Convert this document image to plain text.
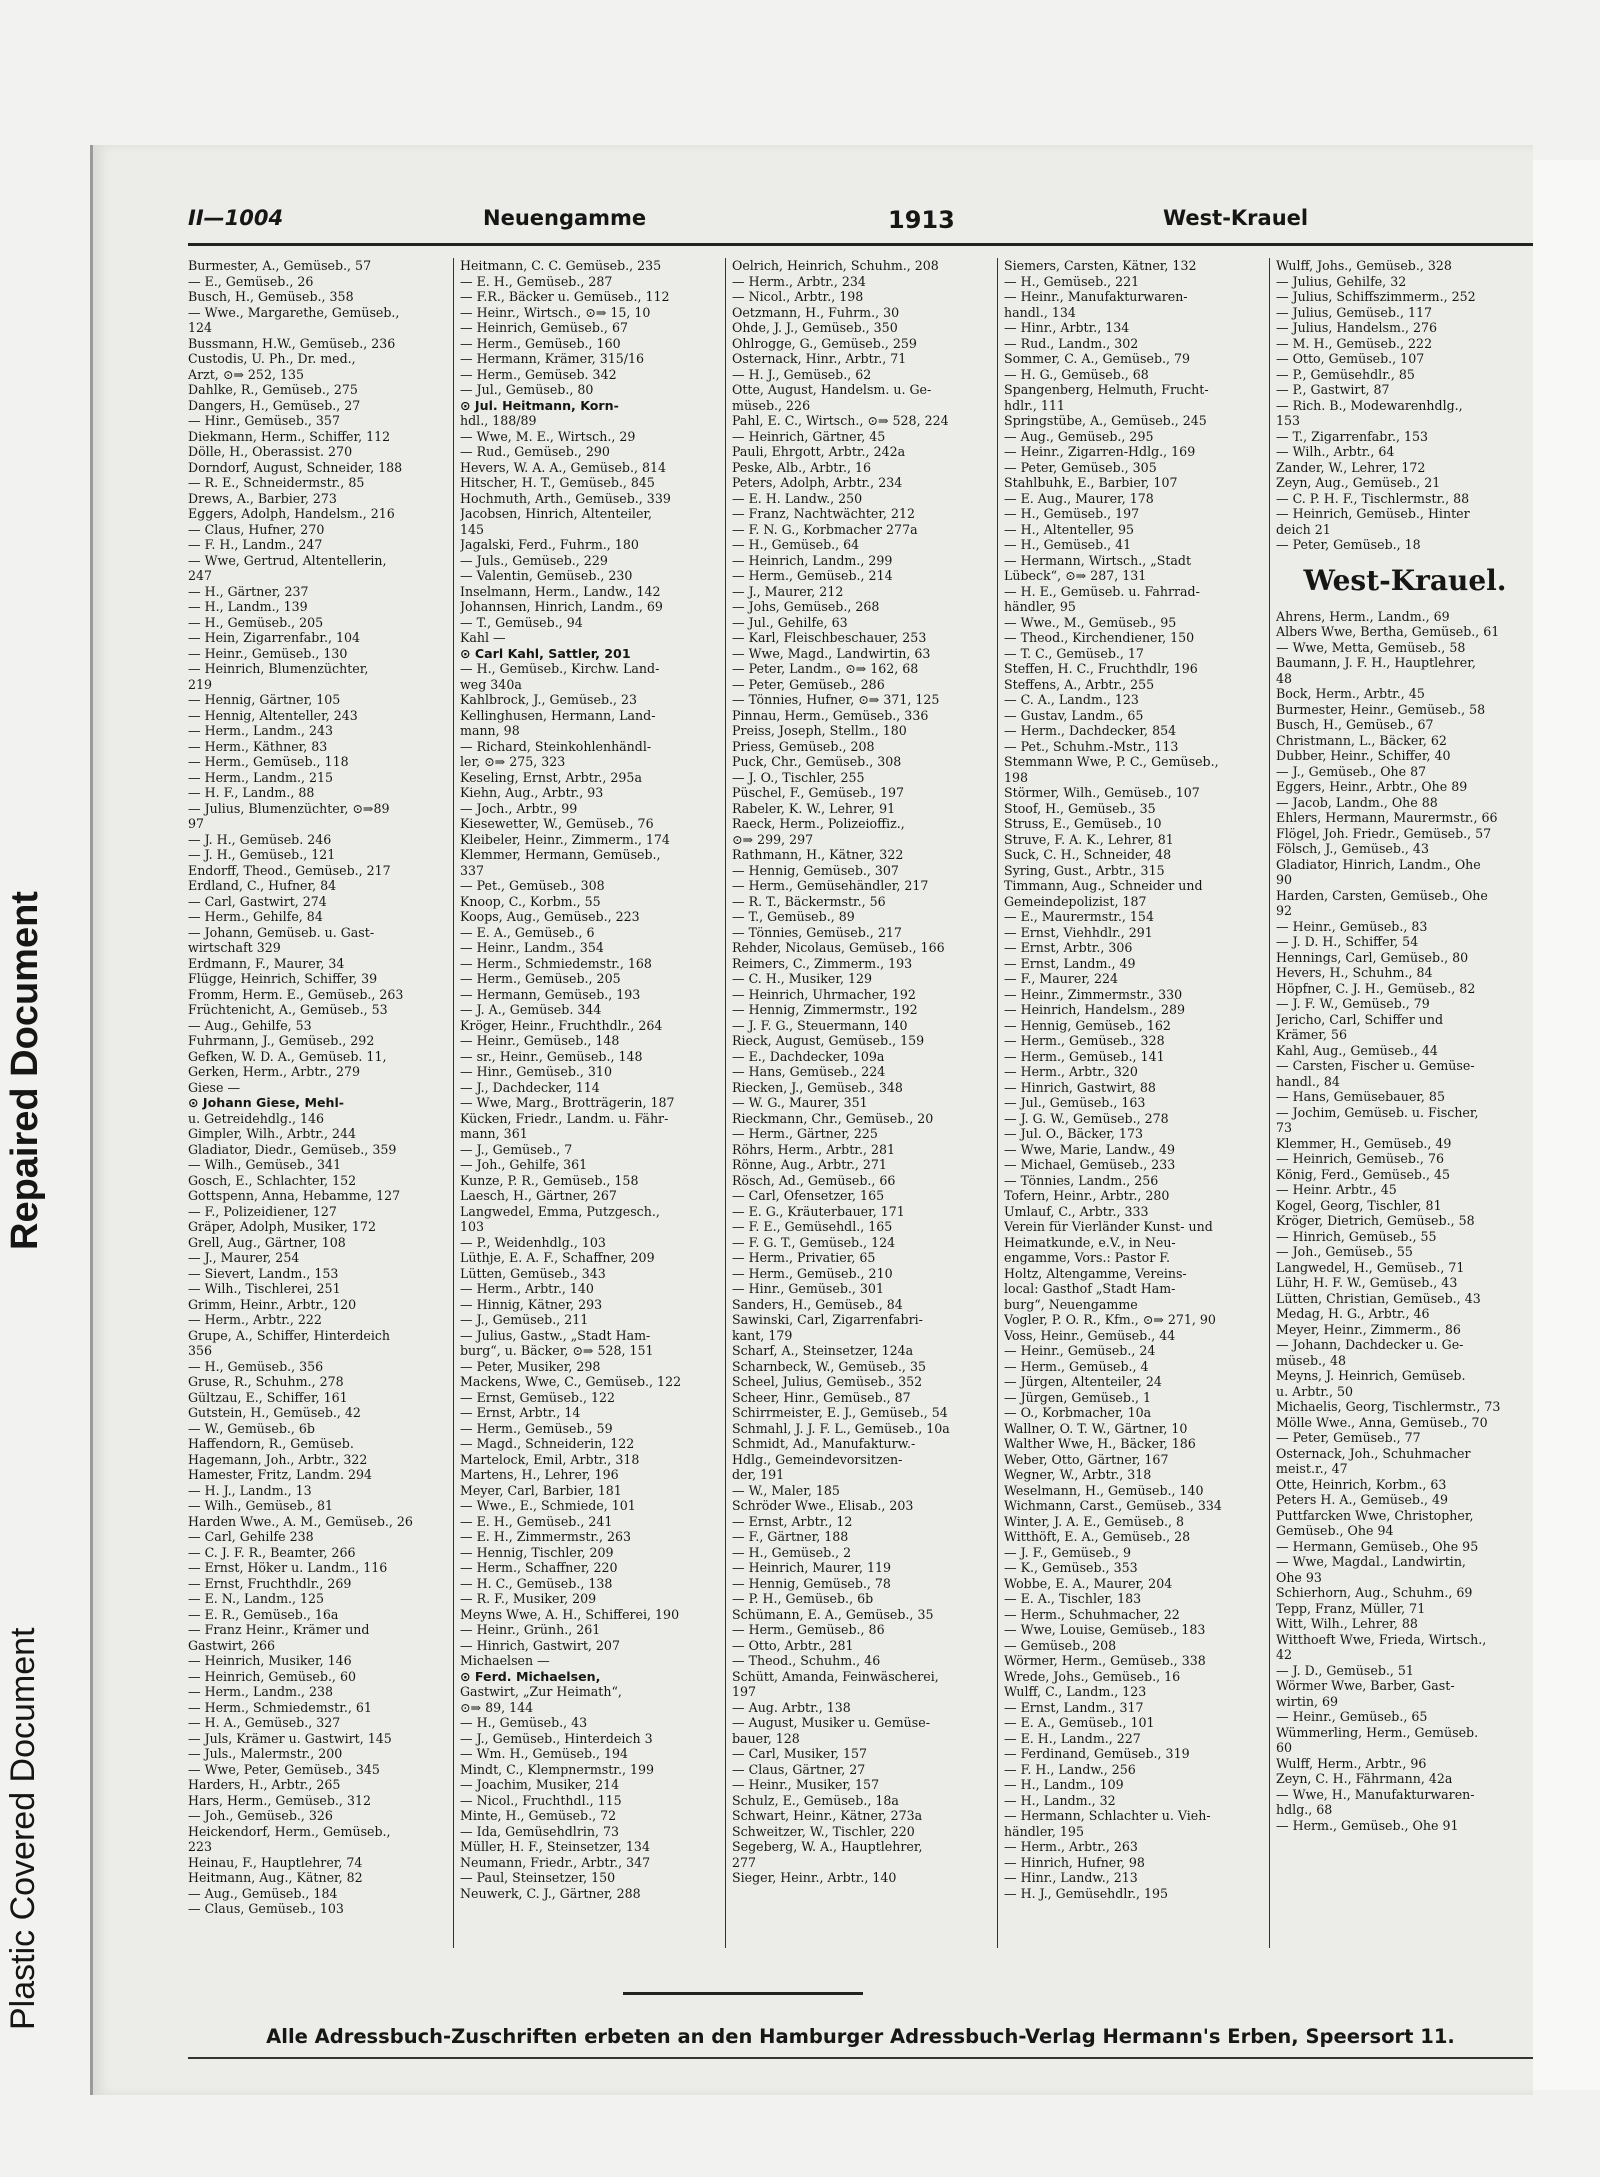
Repaired Document
Plastic Covered Document
II—1004	Neuengamme	1913	West-Krauel
Burmester, A., Gemüseb., 57
— E., Gemüseb., 26
Busch, H., Gemüseb., 358
— Wwe., Margarethe, Gemüseb.,
124
Bussmann, H.W., Gemüseb., 236
Custodis, U. Ph., Dr. med.,
Arzt, ⊙⇒ 252, 135
Dahlke, R., Gemüseb., 275
Dangers, H., Gemüseb., 27
— Hinr., Gemüseb., 357
Diekmann, Herm., Schiffer, 112
Dölle, H., Oberassist. 270
Dorndorf, August, Schneider, 188
— R. E., Schneidermstr., 85
Drews, A., Barbier, 273
Eggers, Adolph, Handelsm., 216
— Claus, Hufner, 270
— F. H., Landm., 247
— Wwe, Gertrud, Altentellerin,
247
— H., Gärtner, 237
— H., Landm., 139
— H., Gemüseb., 205
— Hein, Zigarrenfabr., 104
— Heinr., Gemüseb., 130
— Heinrich, Blumenzüchter,
219
— Hennig, Gärtner, 105
— Hennig, Altenteller, 243
— Herm., Landm., 243
— Herm., Käthner, 83
— Herm., Gemüseb., 118
— Herm., Landm., 215
— H. F., Landm., 88
— Julius, Blumenzüchter, ⊙⇒89
97
— J. H., Gemüseb. 246
— J. H., Gemüseb., 121
Endorff, Theod., Gemüseb., 217
Erdland, C., Hufner, 84
— Carl, Gastwirt, 274
— Herm., Gehilfe, 84
— Johann, Gemüseb. u. Gast-
wirtschaft 329
Erdmann, F., Maurer, 34
Flügge, Heinrich, Schiffer, 39
Fromm, Herm. E., Gemüseb., 263
Früchtenicht, A., Gemüseb., 53
— Aug., Gehilfe, 53
Fuhrmann, J., Gemüseb., 292
Gefken, W. D. A., Gemüseb. 11,
Gerken, Herm., Arbtr., 279
Giese —
⊙ Johann Giese, Mehl-
u. Getreidehdlg., 146
Gimpler, Wilh., Arbtr., 244
Gladiator, Diedr., Gemüseb., 359
— Wilh., Gemüseb., 341
Gosch, E., Schlachter, 152
Gottspenn, Anna, Hebamme, 127
— F., Polizeidiener, 127
Gräper, Adolph, Musiker, 172
Grell, Aug., Gärtner, 108
— J., Maurer, 254
— Sievert, Landm., 153
— Wilh., Tischlerei, 251
Grimm, Heinr., Arbtr., 120
— Herm., Arbtr., 222
Grupe, A., Schiffer, Hinterdeich
356
— H., Gemüseb., 356
Gruse, R., Schuhm., 278
Gültzau, E., Schiffer, 161
Gutstein, H., Gemüseb., 42
— W., Gemüseb., 6b
Haffendorn, R., Gemüseb.
Hagemann, Joh., Arbtr., 322
Hamester, Fritz, Landm. 294
— H. J., Landm., 13
— Wilh., Gemüseb., 81
Harden Wwe., A. M., Gemüseb., 26
— Carl, Gehilfe 238
— C. J. F. R., Beamter, 266
— Ernst, Höker u. Landm., 116
— Ernst, Fruchthdlr., 269
— E. N., Landm., 125
— E. R., Gemüseb., 16a
— Franz Heinr., Krämer und
Gastwirt, 266
— Heinrich, Musiker, 146
— Heinrich, Gemüseb., 60
— Herm., Landm., 238
— Herm., Schmiedemstr., 61
— H. A., Gemüseb., 327
— Juls, Krämer u. Gastwirt, 145
— Juls., Malermstr., 200
— Wwe, Peter, Gemüseb., 345
Harders, H., Arbtr., 265
Hars, Herm., Gemüseb., 312
— Joh., Gemüseb., 326
Heickendorf, Herm., Gemüseb.,
223
Heinau, F., Hauptlehrer, 74
Heitmann, Aug., Kätner, 82
— Aug., Gemüseb., 184
— Claus, Gemüseb., 103
Heitmann, C. C. Gemüseb., 235
— E. H., Gemüseb., 287
— F.R., Bäcker u. Gemüseb., 112
— Heinr., Wirtsch., ⊙⇒ 15, 10
— Heinrich, Gemüseb., 67
— Herm., Gemüseb., 160
— Hermann, Krämer, 315/16
— Herm., Gemüseb. 342
— Jul., Gemüseb., 80
⊙ Jul. Heitmann, Korn-
hdl., 188/89
— Wwe, M. E., Wirtsch., 29
— Rud., Gemüseb., 290
Hevers, W. A. A., Gemüseb., 814
Hitscher, H. T., Gemüseb., 845
Hochmuth, Arth., Gemüseb., 339
Jacobsen, Hinrich, Altenteiler,
145
Jagalski, Ferd., Fuhrm., 180
— Juls., Gemüseb., 229
— Valentin, Gemüseb., 230
Inselmann, Herm., Landw., 142
Johannsen, Hinrich, Landm., 69
— T., Gemüseb., 94
Kahl —
⊙ Carl Kahl, Sattler, 201
— H., Gemüseb., Kirchw. Land-
weg 340a
Kahlbrock, J., Gemüseb., 23
Kellinghusen, Hermann, Land-
mann, 98
— Richard, Steinkohlenhändl-
ler, ⊙⇒ 275, 323
Keseling, Ernst, Arbtr., 295a
Kiehn, Aug., Arbtr., 93
— Joch., Arbtr., 99
Kiesewetter, W., Gemüseb., 76
Kleibeler, Heinr., Zimmerm., 174
Klemmer, Hermann, Gemüseb.,
337
— Pet., Gemüseb., 308
Knoop, C., Korbm., 55
Koops, Aug., Gemüseb., 223
— E. A., Gemüseb., 6
— Heinr., Landm., 354
— Herm., Schmiedemstr., 168
— Herm., Gemüseb., 205
— Hermann, Gemüseb., 193
— J. A., Gemüseb. 344
Kröger, Heinr., Fruchthdlr., 264
— Heinr., Gemüseb., 148
— sr., Heinr., Gemüseb., 148
— Hinr., Gemüseb., 310
— J., Dachdecker, 114
— Wwe, Marg., Brotträgerin, 187
Kücken, Friedr., Landm. u. Fähr-
mann, 361
— J., Gemüseb., 7
— Joh., Gehilfe, 361
Kunze, P. R., Gemüseb., 158
Laesch, H., Gärtner, 267
Langwedel, Emma, Putzgesch.,
103
— P., Weidenhdlg., 103
Lüthje, E. A. F., Schaffner, 209
Lütten, Gemüseb., 343
— Herm., Arbtr., 140
— Hinnig, Kätner, 293
— J., Gemüseb., 211
— Julius, Gastw., „Stadt Ham-
burg“, u. Bäcker, ⊙⇒ 528, 151
— Peter, Musiker, 298
Mackens, Wwe, C., Gemüseb., 122
— Ernst, Gemüseb., 122
— Ernst, Arbtr., 14
— Herm., Gemüseb., 59
— Magd., Schneiderin, 122
Martelock, Emil, Arbtr., 318
Martens, H., Lehrer, 196
Meyer, Carl, Barbier, 181
— Wwe., E., Schmiede, 101
— E. H., Gemüseb., 241
— E. H., Zimmermstr., 263
— Hennig, Tischler, 209
— Herm., Schaffner, 220
— H. C., Gemüseb., 138
— R. F., Musiker, 209
Meyns Wwe, A. H., Schifferei, 190
— Heinr., Grünh., 261
— Hinrich, Gastwirt, 207
Michaelsen —
⊙ Ferd. Michaelsen,
Gastwirt, „Zur Heimath“,
⊙⇒ 89, 144
— H., Gemüseb., 43
— J., Gemüseb., Hinterdeich 3
— Wm. H., Gemüseb., 194
Mindt, C., Klempnermstr., 199
— Joachim, Musiker, 214
— Nicol., Fruchthdl., 115
Minte, H., Gemüseb., 72
— Ida, Gemüsehdlrin, 73
Müller, H. F., Steinsetzer, 134
Neumann, Friedr., Arbtr., 347
— Paul, Steinsetzer, 150
Neuwerk, C. J., Gärtner, 288
Oelrich, Heinrich, Schuhm., 208
— Herm., Arbtr., 234
— Nicol., Arbtr., 198
Oetzmann, H., Fuhrm., 30
Ohde, J. J., Gemüseb., 350
Ohlrogge, G., Gemüseb., 259
Osternack, Hinr., Arbtr., 71
— H. J., Gemüseb., 62
Otte, August, Handelsm. u. Ge-
müseb., 226
Pahl, E. C., Wirtsch., ⊙⇒ 528, 224
— Heinrich, Gärtner, 45
Pauli, Ehrgott, Arbtr., 242a
Peske, Alb., Arbtr., 16
Peters, Adolph, Arbtr., 234
— E. H. Landw., 250
— Franz, Nachtwächter, 212
— F. N. G., Korbmacher 277a
— H., Gemüseb., 64
— Heinrich, Landm., 299
— Herm., Gemüseb., 214
— J., Maurer, 212
— Johs, Gemüseb., 268
— Jul., Gehilfe, 63
— Karl, Fleischbeschauer, 253
— Wwe, Magd., Landwirtin, 63
— Peter, Landm., ⊙⇒ 162, 68
— Peter, Gemüseb., 286
— Tönnies, Hufner, ⊙⇒ 371, 125
Pinnau, Herm., Gemüseb., 336
Preiss, Joseph, Stellm., 180
Priess, Gemüseb., 208
Puck, Chr., Gemüseb., 308
— J. O., Tischler, 255
Püschel, F., Gemüseb., 197
Rabeler, K. W., Lehrer, 91
Raeck, Herm., Polizeioffiz.,
⊙⇒ 299, 297
Rathmann, H., Kätner, 322
— Hennig, Gemüseb., 307
— Herm., Gemüsehändler, 217
— R. T., Bäckermstr., 56
— T., Gemüseb., 89
— Tönnies, Gemüseb., 217
Rehder, Nicolaus, Gemüseb., 166
Reimers, C., Zimmerm., 193
— C. H., Musiker, 129
— Heinrich, Uhrmacher, 192
— Hennig, Zimmermstr., 192
— J. F. G., Steuermann, 140
Rieck, August, Gemüseb., 159
— E., Dachdecker, 109a
— Hans, Gemüseb., 224
Riecken, J., Gemüseb., 348
— W. G., Maurer, 351
Rieckmann, Chr., Gemüseb., 20
— Herm., Gärtner, 225
Röhrs, Herm., Arbtr., 281
Rönne, Aug., Arbtr., 271
Rösch, Ad., Gemüseb., 66
— Carl, Ofensetzer, 165
— E. G., Kräuterbauer, 171
— F. E., Gemüsehdl., 165
— F. G. T., Gemüseb., 124
— Herm., Privatier, 65
— Herm., Gemüseb., 210
— Hinr., Gemüseb., 301
Sanders, H., Gemüseb., 84
Sawinski, Carl, Zigarrenfabri-
kant, 179
Scharf, A., Steinsetzer, 124a
Scharnbeck, W., Gemüseb., 35
Scheel, Julius, Gemüseb., 352
Scheer, Hinr., Gemüseb., 87
Schirrmeister, E. J., Gemüseb., 54
Schmahl, J. J. F. L., Gemüseb., 10a
Schmidt, Ad., Manufakturw.-
Hdlg., Gemeindevorsitzen-
der, 191
— W., Maler, 185
Schröder Wwe., Elisab., 203
— Ernst, Arbtr., 12
— F., Gärtner, 188
— H., Gemüseb., 2
— Heinrich, Maurer, 119
— Hennig, Gemüseb., 78
— P. H., Gemüseb., 6b
Schümann, E. A., Gemüseb., 35
— Herm., Gemüseb., 86
— Otto, Arbtr., 281
— Theod., Schuhm., 46
Schütt, Amanda, Feinwäscherei,
197
— Aug. Arbtr., 138
— August, Musiker u. Gemüse-
bauer, 128
— Carl, Musiker, 157
— Claus, Gärtner, 27
— Heinr., Musiker, 157
Schulz, E., Gemüseb., 18a
Schwart, Heinr., Kätner, 273a
Schweitzer, W., Tischler, 220
Segeberg, W. A., Hauptlehrer,
277
Sieger, Heinr., Arbtr., 140
Siemers, Carsten, Kätner, 132
— H., Gemüseb., 221
— Heinr., Manufakturwaren-
handl., 134
— Hinr., Arbtr., 134
— Rud., Landm., 302
Sommer, C. A., Gemüseb., 79
— H. G., Gemüseb., 68
Spangenberg, Helmuth, Frucht-
hdlr., 111
Springstübe, A., Gemüseb., 245
— Aug., Gemüseb., 295
— Heinr., Zigarren-Hdlg., 169
— Peter, Gemüseb., 305
Stahlbuhk, E., Barbier, 107
— E. Aug., Maurer, 178
— H., Gemüseb., 197
— H., Altenteller, 95
— H., Gemüseb., 41
— Hermann, Wirtsch., „Stadt
Lübeck“, ⊙⇒ 287, 131
— H. E., Gemüseb. u. Fahrrad-
händler, 95
— Wwe., M., Gemüseb., 95
— Theod., Kirchendiener, 150
— T. C., Gemüseb., 17
Steffen, H. C., Fruchthdlr, 196
Steffens, A., Arbtr., 255
— C. A., Landm., 123
— Gustav, Landm., 65
— Herm., Dachdecker, 854
— Pet., Schuhm.-Mstr., 113
Stemmann Wwe, P. C., Gemüseb.,
198
Störmer, Wilh., Gemüseb., 107
Stoof, H., Gemüseb., 35
Struss, E., Gemüseb., 10
Struve, F. A. K., Lehrer, 81
Suck, C. H., Schneider, 48
Syring, Gust., Arbtr., 315
Timmann, Aug., Schneider und
Gemeindepolizist, 187
— E., Maurermstr., 154
— Ernst, Viehhdlr., 291
— Ernst, Arbtr., 306
— Ernst, Landm., 49
— F., Maurer, 224
— Heinr., Zimmermstr., 330
— Heinrich, Handelsm., 289
— Hennig, Gemüseb., 162
— Herm., Gemüseb., 328
— Herm., Gemüseb., 141
— Herm., Arbtr., 320
— Hinrich, Gastwirt, 88
— Jul., Gemüseb., 163
— J. G. W., Gemüseb., 278
— Jul. O., Bäcker, 173
— Wwe, Marie, Landw., 49
— Michael, Gemüseb., 233
— Tönnies, Landm., 256
Tofern, Heinr., Arbtr., 280
Umlauf, C., Arbtr., 333
Verein für Vierländer Kunst- und
Heimatkunde, e.V., in Neu-
engamme, Vors.: Pastor F.
Holtz, Altengamme, Vereins-
local: Gasthof „Stadt Ham-
burg“, Neuengamme
Vogler, P. O. R., Kfm., ⊙⇒ 271, 90
Voss, Heinr., Gemüseb., 44
— Heinr., Gemüseb., 24
— Herm., Gemüseb., 4
— Jürgen, Altenteiler, 24
— Jürgen, Gemüseb., 1
— O., Korbmacher, 10a
Wallner, O. T. W., Gärtner, 10
Walther Wwe, H., Bäcker, 186
Weber, Otto, Gärtner, 167
Wegner, W., Arbtr., 318
Weselmann, H., Gemüseb., 140
Wichmann, Carst., Gemüseb., 334
Winter, J. A. E., Gemüseb., 8
Witthöft, E. A., Gemüseb., 28
— J. F., Gemüseb., 9
— K., Gemüseb., 353
Wobbe, E. A., Maurer, 204
— E. A., Tischler, 183
— Herm., Schuhmacher, 22
— Wwe, Louise, Gemüseb., 183
— Gemüseb., 208
Wörmer, Herm., Gemüseb., 338
Wrede, Johs., Gemüseb., 16
Wulff, C., Landm., 123
— Ernst, Landm., 317
— E. A., Gemüseb., 101
— E. H., Landm., 227
— Ferdinand, Gemüseb., 319
— F. H., Landw., 256
— H., Landm., 109
— H., Landm., 32
— Hermann, Schlachter u. Vieh-
händler, 195
— Herm., Arbtr., 263
— Hinrich, Hufner, 98
— Hinr., Landw., 213
— H. J., Gemüsehdlr., 195
Wulff, Johs., Gemüseb., 328
— Julius, Gehilfe, 32
— Julius, Schiffszimmerm., 252
— Julius, Gemüseb., 117
— Julius, Handelsm., 276
— M. H., Gemüseb., 222
— Otto, Gemüseb., 107
— P., Gemüsehdlr., 85
— P., Gastwirt, 87
— Rich. B., Modewarenhdlg.,
153
— T., Zigarrenfabr., 153
— Wilh., Arbtr., 64
Zander, W., Lehrer, 172
Zeyn, Aug., Gemüseb., 21
— C. P. H. F., Tischlermstr., 88
— Heinrich, Gemüseb., Hinter
deich 21
— Peter, Gemüseb., 18
West-Krauel.
Ahrens, Herm., Landm., 69
Albers Wwe, Bertha, Gemüseb., 61
— Wwe, Metta, Gemüseb., 58
Baumann, J. F. H., Hauptlehrer,
48
Bock, Herm., Arbtr., 45
Burmester, Heinr., Gemüseb., 58
Busch, H., Gemüseb., 67
Christmann, L., Bäcker, 62
Dubber, Heinr., Schiffer, 40
— J., Gemüseb., Ohe 87
Eggers, Heinr., Arbtr., Ohe 89
— Jacob, Landm., Ohe 88
Ehlers, Hermann, Maurermstr., 66
Flögel, Joh. Friedr., Gemüseb., 57
Fölsch, J., Gemüseb., 43
Gladiator, Hinrich, Landm., Ohe
90
Harden, Carsten, Gemüseb., Ohe
92
— Heinr., Gemüseb., 83
— J. D. H., Schiffer, 54
Hennings, Carl, Gemüseb., 80
Hevers, H., Schuhm., 84
Höpfner, C. J. H., Gemüseb., 82
— J. F. W., Gemüseb., 79
Jericho, Carl, Schiffer und
Krämer, 56
Kahl, Aug., Gemüseb., 44
— Carsten, Fischer u. Gemüse-
handl., 84
— Hans, Gemüsebauer, 85
— Jochim, Gemüseb. u. Fischer,
73
Klemmer, H., Gemüseb., 49
— Heinrich, Gemüseb., 76
König, Ferd., Gemüseb., 45
— Heinr. Arbtr., 45
Kogel, Georg, Tischler, 81
Kröger, Dietrich, Gemüseb., 58
— Hinrich, Gemüseb., 55
— Joh., Gemüseb., 55
Langwedel, H., Gemüseb., 71
Lühr, H. F. W., Gemüseb., 43
Lütten, Christian, Gemüseb., 43
Medag, H. G., Arbtr., 46
Meyer, Heinr., Zimmerm., 86
— Johann, Dachdecker u. Ge-
müseb., 48
Meyns, J. Heinrich, Gemüseb.
u. Arbtr., 50
Michaelis, Georg, Tischlermstr., 73
Mölle Wwe., Anna, Gemüseb., 70
— Peter, Gemüseb., 77
Osternack, Joh., Schuhmacher
meist.r., 47
Otte, Heinrich, Korbm., 63
Peters H. A., Gemüseb., 49
Puttfarcken Wwe, Christopher,
Gemüseb., Ohe 94
— Hermann, Gemüseb., Ohe 95
— Wwe, Magdal., Landwirtin,
Ohe 93
Schierhorn, Aug., Schuhm., 69
Tepp, Franz, Müller, 71
Witt, Wilh., Lehrer, 88
Witthoeft Wwe, Frieda, Wirtsch.,
42
— J. D., Gemüseb., 51
Wörmer Wwe, Barber, Gast-
wirtin, 69
— Heinr., Gemüseb., 65
Wümmerling, Herm., Gemüseb.
60
Wulff, Herm., Arbtr., 96
Zeyn, C. H., Fährmann, 42a
— Wwe, H., Manufakturwaren-
hdlg., 68
— Herm., Gemüseb., Ohe 91
Alle Adressbuch-Zuschriften erbeten an den Hamburger Adressbuch-Verlag Hermann's Erben, Speersort 11.
